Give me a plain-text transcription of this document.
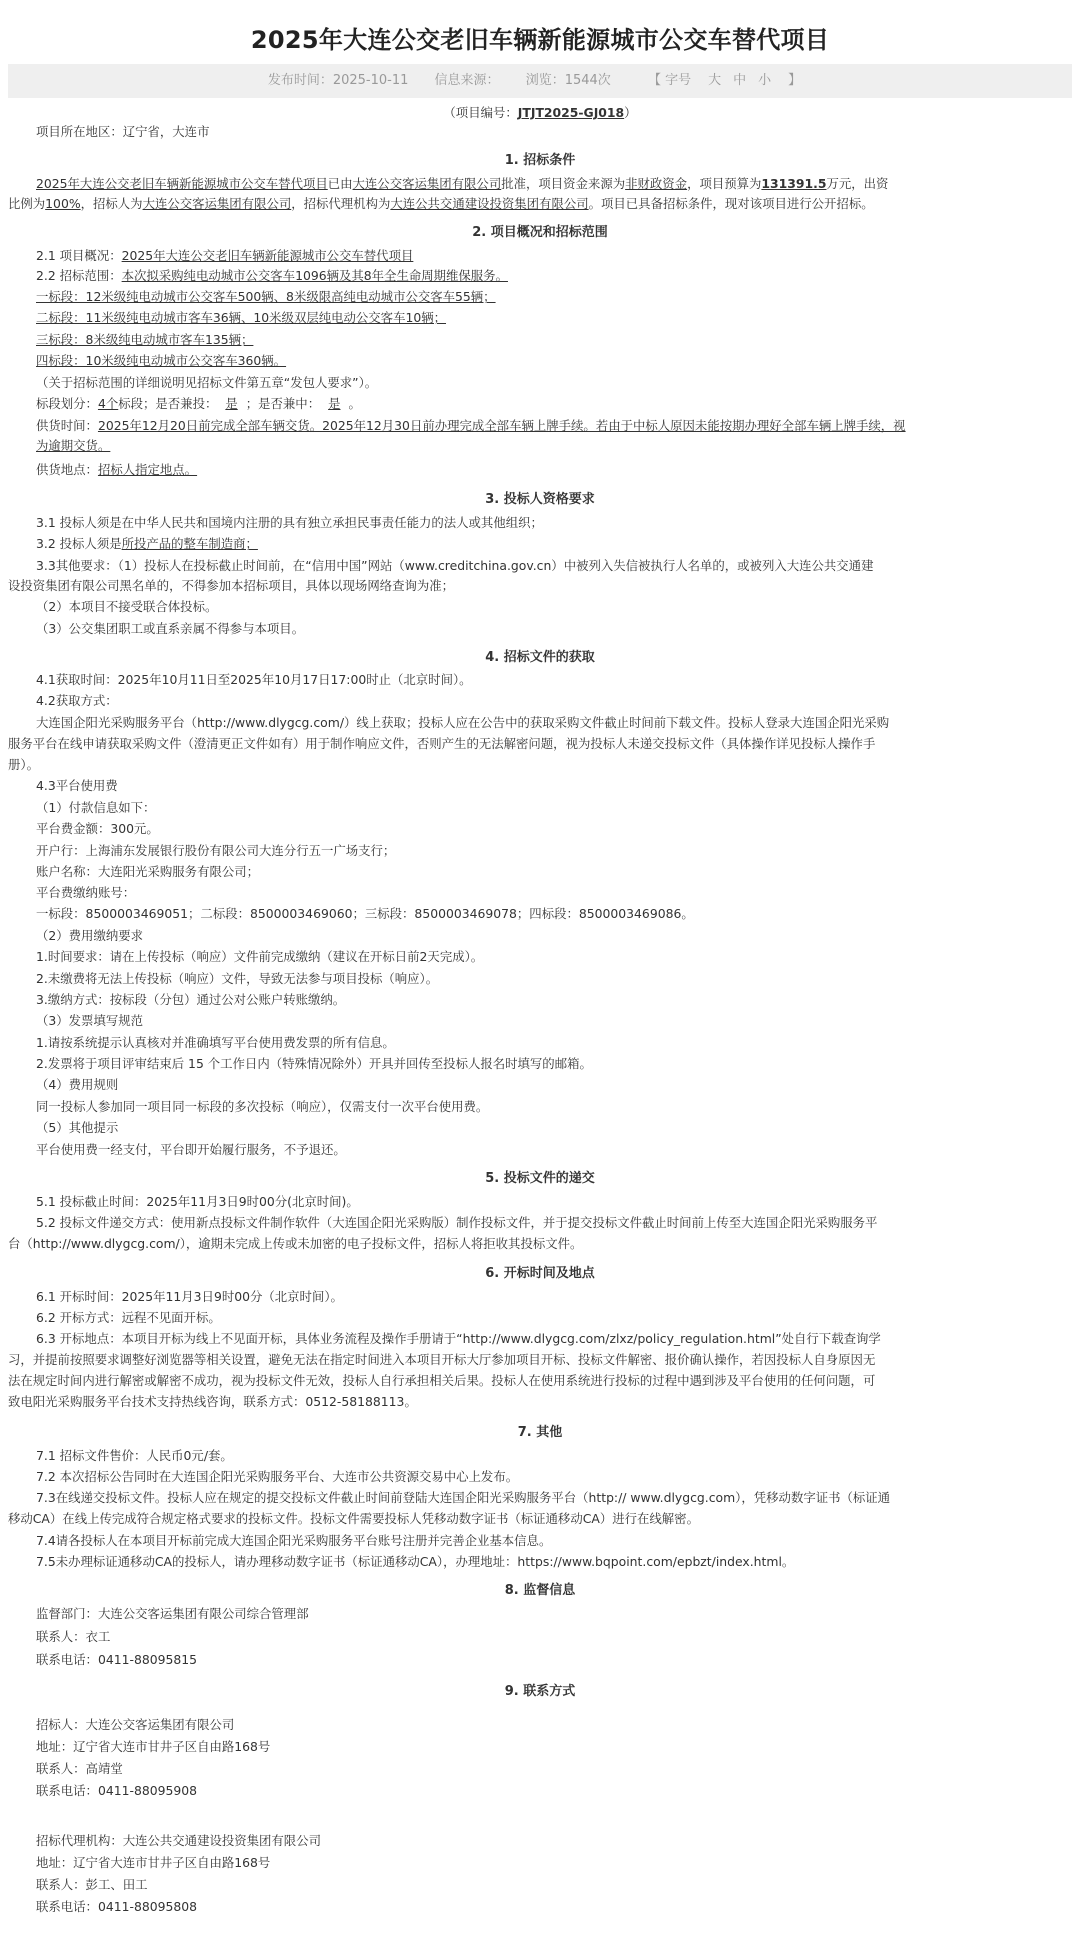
2025年大连公交老旧车辆新能源城市公交车替代项目
发布时间：2025-10-11 信息来源： 浏览：1544次	【 字号 大 中 小 】
（项目编号：JTJT2025-GJ018）
项目所在地区：辽宁省，大连市
1. 招标条件
2025年大连公交老旧车辆新能源城市公交车替代项目已由大连公交客运集团有限公司批准，项目资金来源为非财政资金，项目预算为131391.5万元，出资
比例为100%，招标人为大连公交客运集团有限公司，招标代理机构为大连公共交通建设投资集团有限公司。项目已具备招标条件，现对该项目进行公开招标。
2. 项目概况和招标范围
2.1 项目概况：2025年大连公交老旧车辆新能源城市公交车替代项目
2.2 招标范围：本次拟采购纯电动城市公交客车1096辆及其8年全生命周期维保服务。
一标段：12米级纯电动城市公交客车500辆、8米级限高纯电动城市公交客车55辆；
二标段：11米级纯电动城市客车36辆、10米级双层纯电动公交客车10辆；
三标段：8米级纯电动城市客车135辆；
四标段：10米级纯电动城市公交客车360辆。
（关于招标范围的详细说明见招标文件第五章“发包人要求”）。
标段划分：4个标段；是否兼投： 是 ；是否兼中： 是 。
供货时间：2025年12月20日前完成全部车辆交货。2025年12月30日前办理完成全部车辆上牌手续。若由于中标人原因未能按期办理好全部车辆上牌手续，视
为逾期交货。
供货地点：招标人指定地点。
3. 投标人资格要求
3.1 投标人须是在中华人民共和国境内注册的具有独立承担民事责任能力的法人或其他组织；
3.2 投标人须是所投产品的整车制造商；
3.3其他要求：（1）投标人在投标截止时间前，在“信用中国”网站（www.creditchina.gov.cn）中被列入失信被执行人名单的，或被列入大连公共交通建
设投资集团有限公司黑名单的，不得参加本招标项目，具体以现场网络查询为准；
（2）本项目不接受联合体投标。
（3）公交集团职工或直系亲属不得参与本项目。
4. 招标文件的获取
4.1获取时间：2025年10月11日至2025年10月17日17:00时止（北京时间）。
4.2获取方式：
大连国企阳光采购服务平台（http://www.dlygcg.com/）线上获取；投标人应在公告中的获取采购文件截止时间前下载文件。投标人登录大连国企阳光采购
服务平台在线申请获取采购文件（澄清更正文件如有）用于制作响应文件，否则产生的无法解密问题，视为投标人未递交投标文件（具体操作详见投标人操作手
册）。
4.3平台使用费
（1）付款信息如下：
平台费金额：300元。
开户行：上海浦东发展银行股份有限公司大连分行五一广场支行；
账户名称：大连阳光采购服务有限公司；
平台费缴纳账号：
一标段：8500003469051；二标段：8500003469060；三标段：8500003469078；四标段：8500003469086。
（2）费用缴纳要求
1.时间要求：请在上传投标（响应）文件前完成缴纳（建议在开标日前2天完成）。
2.未缴费将无法上传投标（响应）文件，导致无法参与项目投标（响应）。
3.缴纳方式：按标段（分包）通过公对公账户转账缴纳。
（3）发票填写规范
1.请按系统提示认真核对并准确填写平台使用费发票的所有信息。
2.发票将于项目评审结束后 15 个工作日内（特殊情况除外）开具并回传至投标人报名时填写的邮箱。
（4）费用规则
同一投标人参加同一项目同一标段的多次投标（响应），仅需支付一次平台使用费。
（5）其他提示
平台使用费一经支付，平台即开始履行服务，不予退还。
5. 投标文件的递交
5.1 投标截止时间：2025年11月3日9时00分(北京时间)。
5.2 投标文件递交方式：使用新点投标文件制作软件（大连国企阳光采购版）制作投标文件，并于提交投标文件截止时间前上传至大连国企阳光采购服务平
台（http://www.dlygcg.com/），逾期未完成上传或未加密的电子投标文件，招标人将拒收其投标文件。
6. 开标时间及地点
6.1 开标时间：2025年11月3日9时00分（北京时间）。
6.2 开标方式：远程不见面开标。
6.3 开标地点：本项目开标为线上不见面开标，具体业务流程及操作手册请于“http://www.dlygcg.com/zlxz/policy_regulation.html”处自行下载查询学
习，并提前按照要求调整好浏览器等相关设置，避免无法在指定时间进入本项目开标大厅参加项目开标、投标文件解密、报价确认操作，若因投标人自身原因无
法在规定时间内进行解密或解密不成功，视为投标文件无效，投标人自行承担相关后果。投标人在使用系统进行投标的过程中遇到涉及平台使用的任何问题，可
致电阳光采购服务平台技术支持热线咨询，联系方式：0512-58188113。
7. 其他
7.1 招标文件售价：人民币0元/套。
7.2 本次招标公告同时在大连国企阳光采购服务平台、大连市公共资源交易中心上发布。
7.3在线递交投标文件。投标人应在规定的提交投标文件截止时间前登陆大连国企阳光采购服务平台（http:// www.dlygcg.com），凭移动数字证书（标证通
移动CA）在线上传完成符合规定格式要求的投标文件。投标文件需要投标人凭移动数字证书（标证通移动CA）进行在线解密。
7.4请各投标人在本项目开标前完成大连国企阳光采购服务平台账号注册并完善企业基本信息。
7.5未办理标证通移动CA的投标人，请办理移动数字证书（标证通移动CA），办理地址：https://www.bqpoint.com/epbzt/index.html。
8. 监督信息
监督部门：大连公交客运集团有限公司综合管理部
联系人：衣工
联系电话：0411-88095815
9. 联系方式
招标人：大连公交客运集团有限公司
地址：辽宁省大连市甘井子区自由路168号
联系人：高靖堂
联系电话：0411-88095908
招标代理机构：大连公共交通建设投资集团有限公司
地址：辽宁省大连市甘井子区自由路168号
联系人：彭工、田工
联系电话：0411-88095808
